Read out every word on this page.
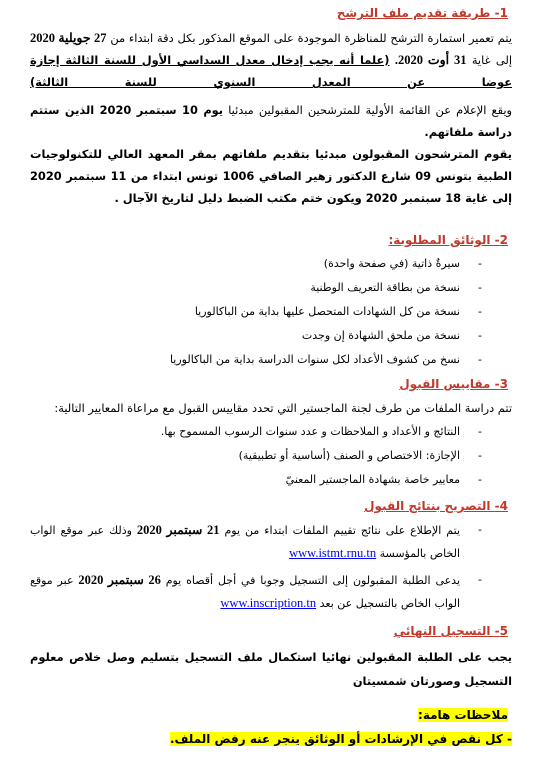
1- طريقة تقديم ملف الترشح
يتم تعمير استمارة الترشح للمناظرة الموجودة على الموقع المذكور بكل دقة ابتداء من 27 جويلية 2020 إلى غاية 31 أوت 2020. (علما أنه يجب إدخال معدل السداسي الأول للسنة الثالثة إجازة عوضا عن المعدل السنوي للسنة الثالثة)
ويقع الإعلام عن القائمة الأولية للمترشحين المقبولين مبدئيا يوم 10 سبتمبر 2020 الذين ستتم دراسة ملفاتهم.
يقوم المترشحون المقبولون مبدئيا بتقديم ملفاتهم بمقر المعهد العالي للتكنولوجيات الطبية بتونس 09 شارع الدكتور زهير الصافي 1006 تونس ابتداء من 11 سبتمبر 2020 إلى غاية 18 سبتمبر 2020 ويكون ختم مكتب الضبط دليل لتاريخ الآجال .
2- الوثائق المطلوبة:
-
سيرةٌ ذاتية (في صفحة واحدة)
-
نسخة من بطاقة التعريف الوطنية
-
نسخة من كل الشهادات المتحصل عليها بداية من الباكالوريا
-
نسخة من ملحق الشهادة إن وجدت
-
نسخ من كشوف الأعداد لكل سنوات الدراسة بداية من الباكالوريا
3- مقاييس القبول
تتم دراسة الملفات من طرف لجنة الماجستير التي تحدد مقاييس القبول مع مراعاة المعايير التالية:
-
النتائج و الأعداد و الملاحظات و عدد سنوات الرسوب المسموح بها.
-
الإجازة: الاختصاص و الصنف (أساسية أو تطبيقية)
-
معايير خاصة بشهادة الماجستير المعنيّ
4- التصريح بنتائج القبول
-
يتم الإطلاع على نتائج تقييم الملفات ابتداء من يوم 21 سبتمبر 2020 وذلك عبر موقع الواب الخاص بالمؤسسة www.istmt.rnu.tn
-
يدعى الطلبة المقبولون إلى التسجيل وجوبا في أجل أقصاه يوم 26 سبتمبر 2020 عبر موقع الواب الخاص بالتسجيل عن بعد www.inscription.tn
5- التسجيل النهائي
يجب على الطلبة المقبولين نهائيا استكمال ملف التسجيل بتسليم وصل خلاص معلوم التسجيل وصورتان شمسيتان
ملاحظات هامة:
- كل نقص في الإرشادات أو الوثائق ينجر عنه رفض الملف.
